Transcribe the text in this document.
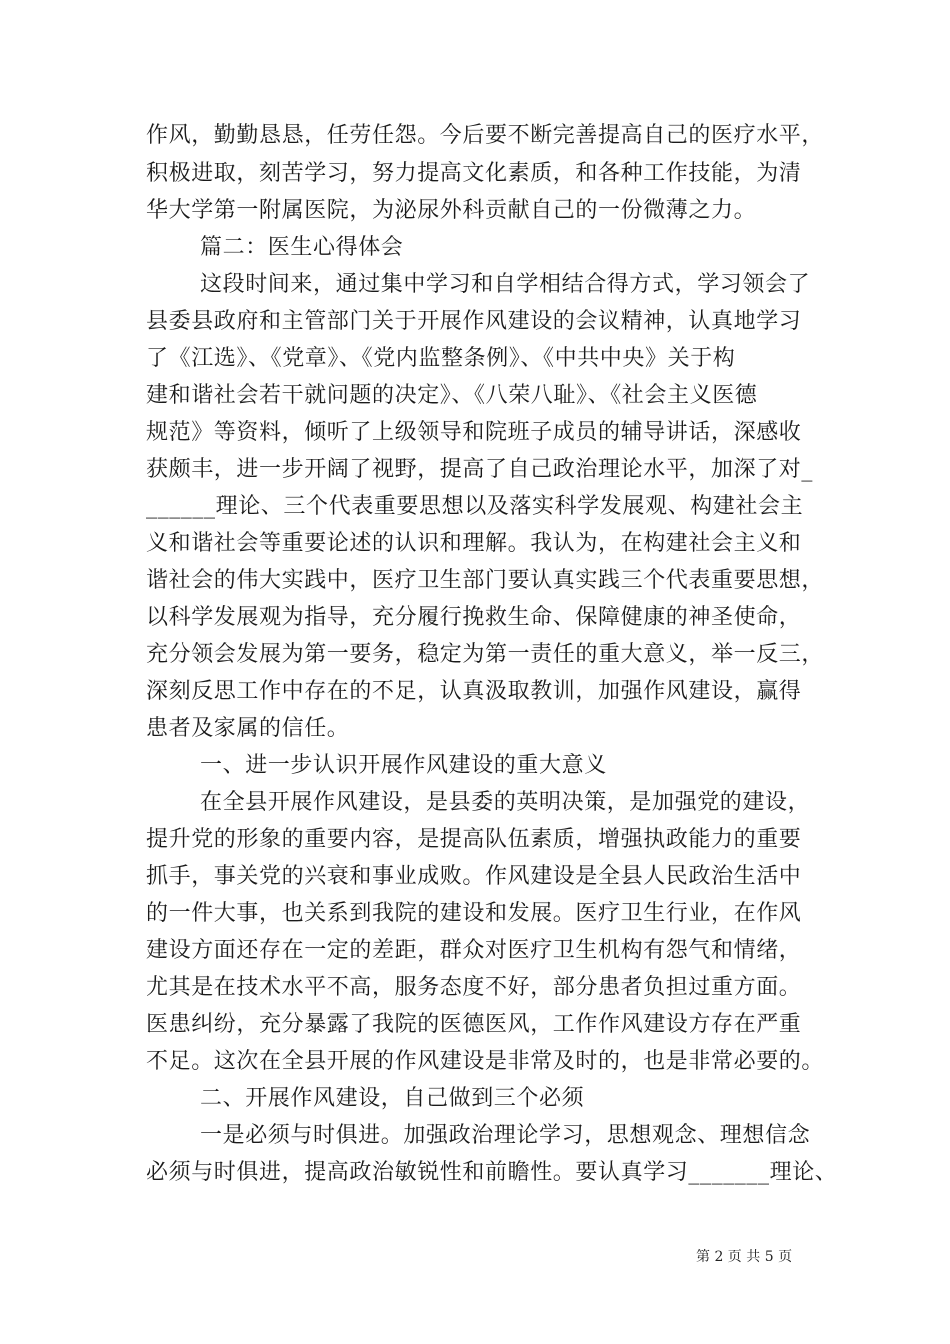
作风，勤勤恳恳，任劳任怨。今后要不断完善提高自己的医疗水平，
积极进取，刻苦学习，努力提高文化素质，和各种工作技能，为清
华大学第一附属医院，为泌尿外科贡献自己的一份微薄之力。
篇二：医生心得体会
这段时间来，通过集中学习和自学相结合得方式，学习领会了
县委县政府和主管部门关于开展作风建设的会议精神，认真地学习
了《江选》、《党章》、《党内监整条例》、《中共中央》关于构
建和谐社会若干就问题的决定》、《八荣八耻》、《社会主义医德
规范》等资料，倾听了上级领导和院班子成员的辅导讲话，深感收
获颇丰，进一步开阔了视野，提高了自己政治理论水平，加深了对_
______理论、三个代表重要思想以及落实科学发展观、构建社会主
义和谐社会等重要论述的认识和理解。我认为，在构建社会主义和
谐社会的伟大实践中，医疗卫生部门要认真实践三个代表重要思想，
以科学发展观为指导，充分履行挽救生命、保障健康的神圣使命，
充分领会发展为第一要务，稳定为第一责任的重大意义，举一反三，
深刻反思工作中存在的不足，认真汲取教训，加强作风建设，赢得
患者及家属的信任。
一、进一步认识开展作风建设的重大意义
在全县开展作风建设，是县委的英明决策，是加强党的建设，
提升党的形象的重要内容，是提高队伍素质，增强执政能力的重要
抓手，事关党的兴衰和事业成败。作风建设是全县人民政治生活中
的一件大事，也关系到我院的建设和发展。医疗卫生行业，在作风
建设方面还存在一定的差距，群众对医疗卫生机构有怨气和情绪，
尤其是在技术水平不高，服务态度不好，部分患者负担过重方面。
医患纠纷，充分暴露了我院的医德医风，工作作风建设方存在严重
不足。这次在全县开展的作风建设是非常及时的，也是非常必要的。
二、开展作风建设，自己做到三个必须
一是必须与时俱进。加强政治理论学习，思想观念、理想信念
必须与时俱进，提高政治敏锐性和前瞻性。要认真学习_______理论、
第 2 页 共 5 页
